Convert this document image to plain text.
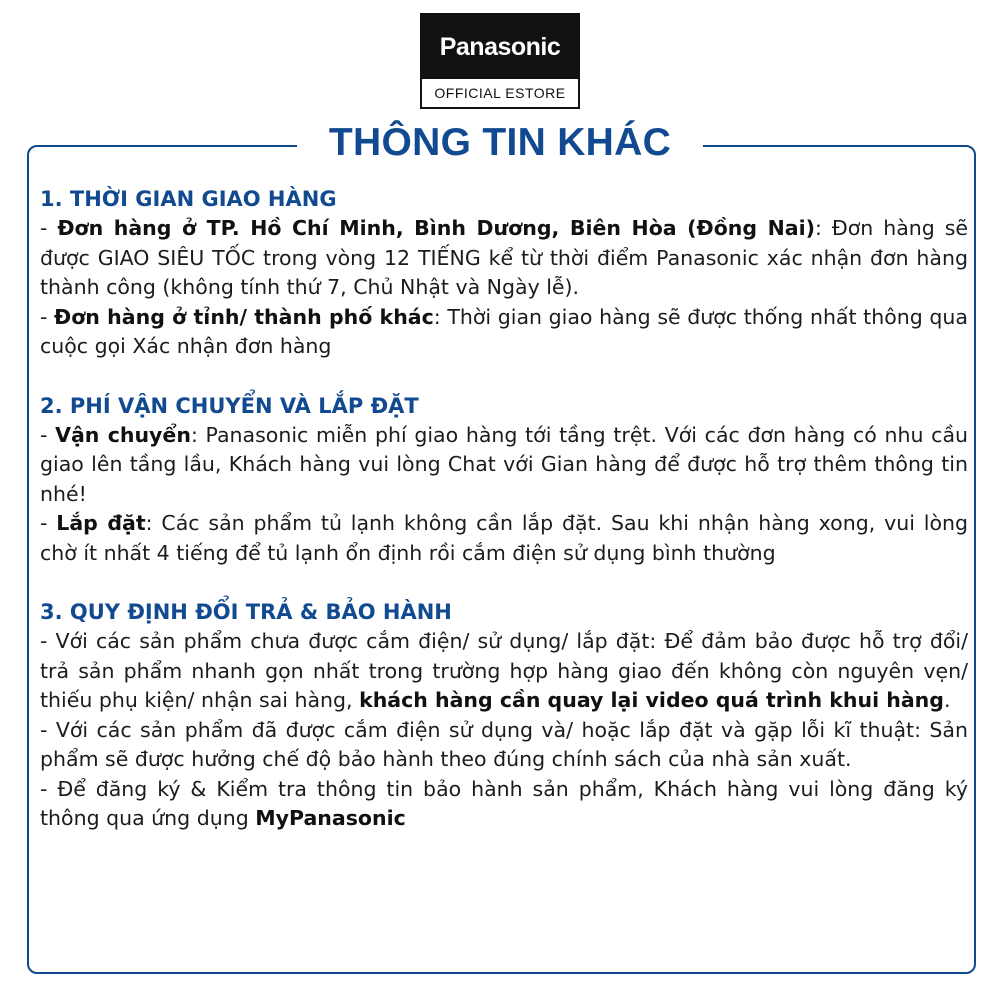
Panasonic
OFFICIAL ESTORE
THÔNG TIN KHÁC
1. THỜI GIAN GIAO HÀNG

- Đơn hàng ở TP. Hồ Chí Minh, Bình Dương, Biên Hòa (Đồng Nai): Đơn hàng sẽ được GIAO SIÊU TỐC trong vòng 12 TIẾNG kể từ thời điểm Panasonic xác nhận đơn hàng thành công (không tính thứ 7, Chủ Nhật và Ngày lễ).

- Đơn hàng ở tỉnh/ thành phố khác: Thời gian giao hàng sẽ được thống nhất thông qua cuộc gọi Xác nhận đơn hàng

2. PHÍ VẬN CHUYỂN VÀ LẮP ĐẶT

- Vận chuyển: Panasonic miễn phí giao hàng tới tầng trệt. Với các đơn hàng có nhu cầu giao lên tầng lầu, Khách hàng vui lòng Chat với Gian hàng để được hỗ trợ thêm thông tin nhé!

- Lắp đặt: Các sản phẩm tủ lạnh không cần lắp đặt. Sau khi nhận hàng xong, vui lòng chờ ít nhất 4 tiếng để tủ lạnh ổn định rồi cắm điện sử dụng bình thường

3. QUY ĐỊNH ĐỔI TRẢ & BẢO HÀNH

- Với các sản phẩm chưa được cắm điện/ sử dụng/ lắp đặt: Để đảm bảo được hỗ trợ đổi/ trả sản phẩm nhanh gọn nhất trong trường hợp hàng giao đến không còn nguyên vẹn/ thiếu phụ kiện/ nhận sai hàng, khách hàng cần quay lại video quá trình khui hàng.

- Với các sản phẩm đã được cắm điện sử dụng và/ hoặc lắp đặt và gặp lỗi kĩ thuật: Sản phẩm sẽ được hưởng chế độ bảo hành theo đúng chính sách của nhà sản xuất.

- Để đăng ký & Kiểm tra thông tin bảo hành sản phẩm, Khách hàng vui lòng đăng ký thông qua ứng dụng MyPanasonic
